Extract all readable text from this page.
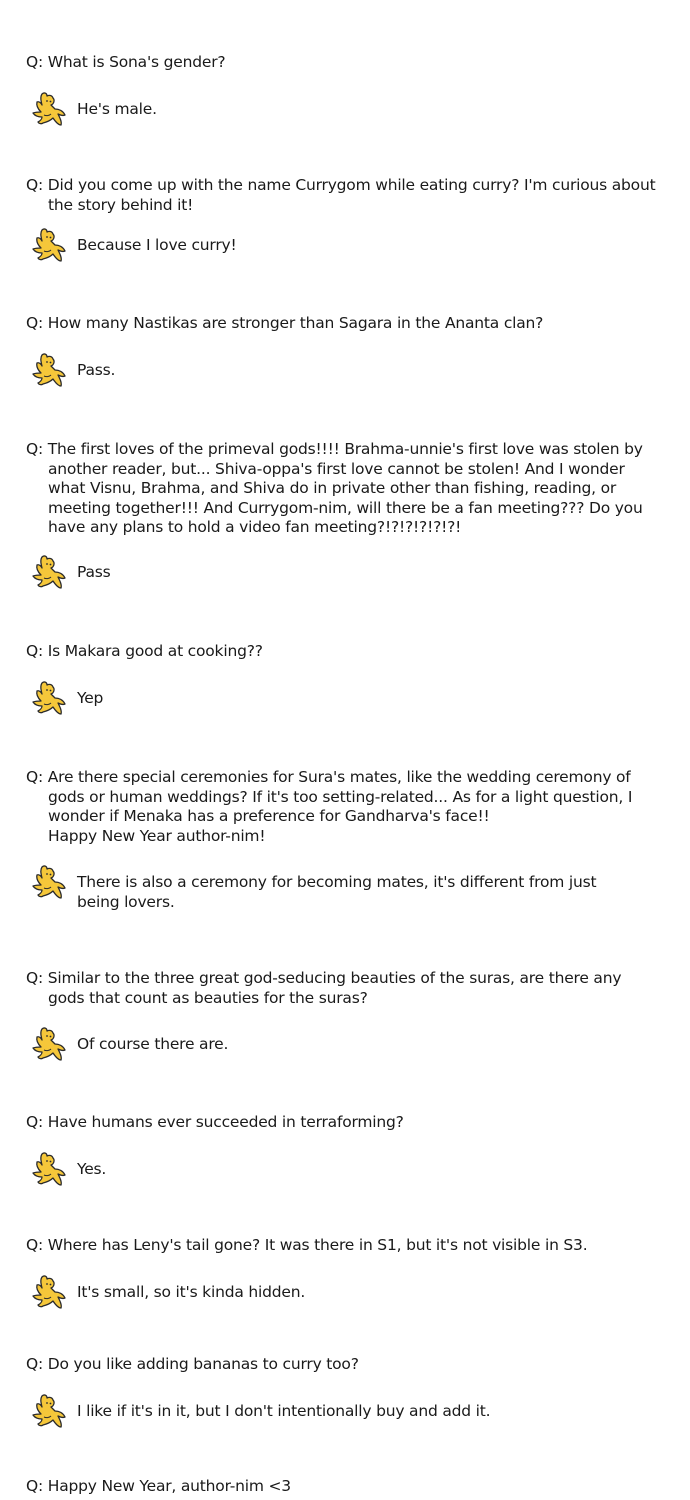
Q: What is Sona's gender?

He's male.

Q: Did you come up with the name Currygom while eating curry? I'm curious about the story behind it!

Because I love curry!

Q: How many Nastikas are stronger than Sagara in the Ananta clan?

Pass.

Q: The first loves of the primeval gods!!!! Brahma-unnie's first love was stolen by another reader, but... Shiva-oppa's first love cannot be stolen! And I wonder what Visnu, Brahma, and Shiva do in private other than fishing, reading, or meeting together!!! And Currygom-nim, will there be a fan meeting??? Do you have any plans to hold a video fan meeting?!?!?!?!?!?!

Pass

Q: Is Makara good at cooking??

Yep

Q: Are there special ceremonies for Sura's mates, like the wedding ceremony of gods or human weddings? If it's too setting-related... As for a light question, I wonder if Menaka has a preference for Gandharva's face!!
Happy New Year author-nim!

There is also a ceremony for becoming mates, it's different from just being lovers.

Q: Similar to the three great god-seducing beauties of the suras, are there any gods that count as beauties for the suras?

Of course there are.

Q: Have humans ever succeeded in terraforming?

Yes.

Q: Where has Leny's tail gone? It was there in S1, but it's not visible in S3.

It's small, so it's kinda hidden.

Q: Do you like adding bananas to curry too?

I like if it's in it, but I don't intentionally buy and add it.

Q: Happy New Year, author-nim <3
